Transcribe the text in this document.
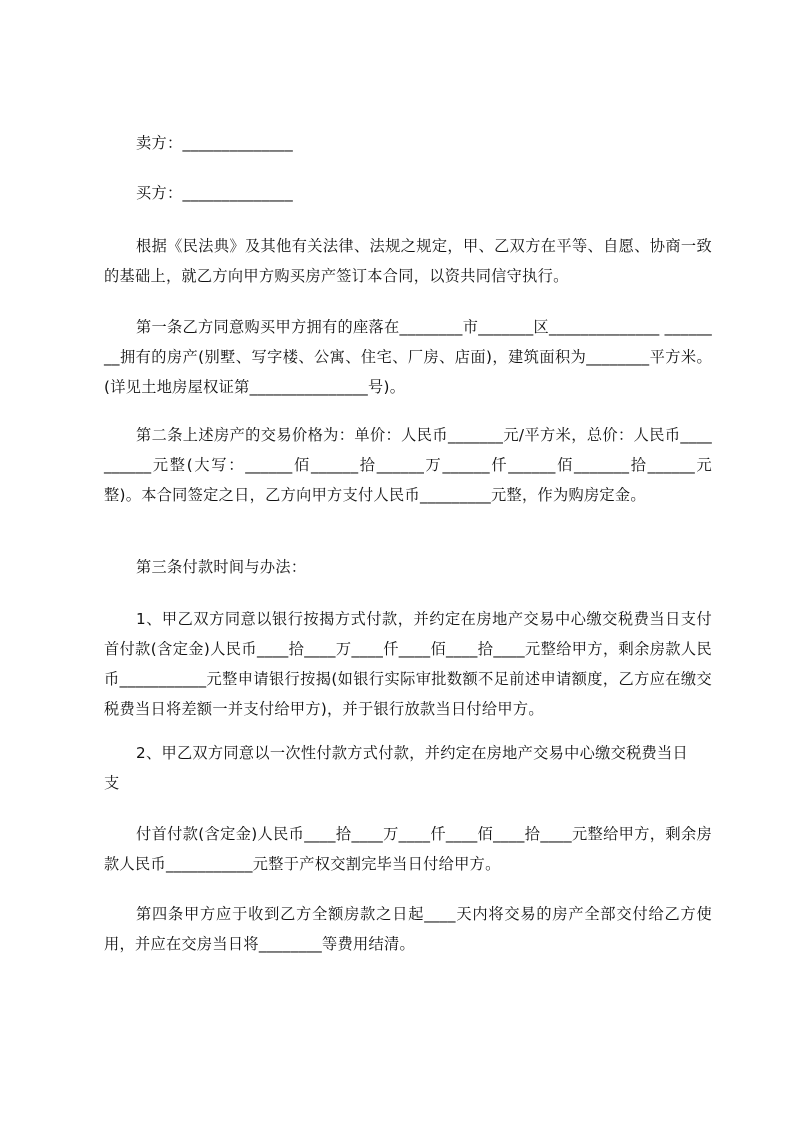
卖方：______________

买方：______________

根据《民法典》及其他有关法律、法规之规定，甲、乙双方在平等、自愿、协商一致的基础上，就乙方向甲方购买房产签订本合同，以资共同信守执行。

第一条乙方同意购买甲方拥有的座落在________市_______区______________ ________拥有的房产(别墅、写字楼、公寓、住宅、厂房、店面)，建筑面积为________平方米。(详见土地房屋权证第_______________号)。

第二条上述房产的交易价格为：单价：人民币_______元/平方米，总价：人民币__________元整(大写：______佰______拾______万______仟______佰_______拾______元整)。本合同签定之日，乙方向甲方支付人民币_________元整，作为购房定金。

第三条付款时间与办法：

1、甲乙双方同意以银行按揭方式付款，并约定在房地产交易中心缴交税费当日支付首付款(含定金)人民币____拾____万____仟____佰____拾____元整给甲方，剩余房款人民币___________元整申请银行按揭(如银行实际审批数额不足前述申请额度，乙方应在缴交税费当日将差额一并支付给甲方)，并于银行放款当日付给甲方。

2、甲乙双方同意以一次性付款方式付款，并约定在房地产交易中心缴交税费当日

支

付首付款(含定金)人民币____拾____万____仟____佰____拾____元整给甲方，剩余房款人民币___________元整于产权交割完毕当日付给甲方。

第四条甲方应于收到乙方全额房款之日起____天内将交易的房产全部交付给乙方使用，并应在交房当日将________等费用结清。
